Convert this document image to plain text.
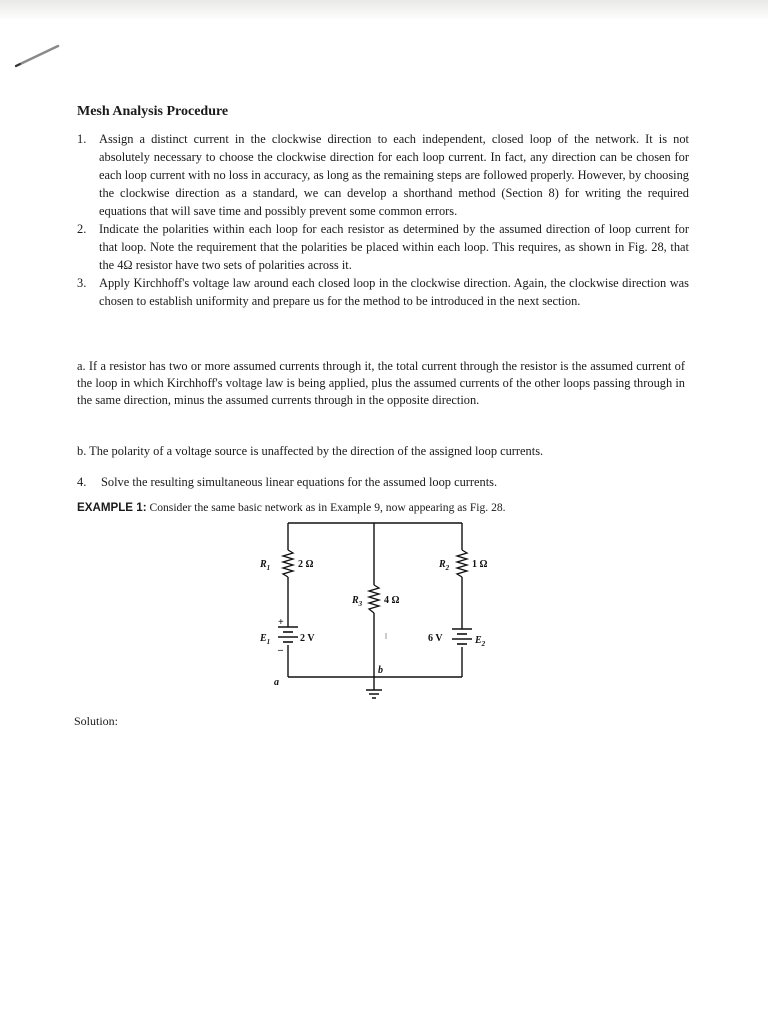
Mesh Analysis Procedure
1.	Assign a distinct current in the clockwise direction to each independent, closed loop of the network. It is not absolutely necessary to choose the clockwise direction for each loop current. In fact, any direction can be chosen for each loop current with no loss in accuracy, as long as the remaining steps are followed properly. However, by choosing the clockwise direction as a standard, we can develop a shorthand method (Section 8) for writing the required equations that will save time and possibly prevent some common errors.
2.	Indicate the polarities within each loop for each resistor as determined by the assumed direction of loop current for that loop. Note the requirement that the polarities be placed within each loop. This requires, as shown in Fig. 28, that the 4Ω resistor have two sets of polarities across it.
3.	Apply Kirchhoff's voltage law around each closed loop in the clockwise direction. Again, the clockwise direction was chosen to establish uniformity and prepare us for the method to be introduced in the next section.

a. If a resistor has two or more assumed currents through it, the total current through the resistor is the assumed current of the loop in which Kirchhoff's voltage law is being applied, plus the assumed currents of the other loops passing through in the same direction, minus the assumed currents through in the opposite direction.

b. The polarity of a voltage source is unaffected by the direction of the assigned loop currents.

4.	Solve the resulting simultaneous linear equations for the assumed loop currents.
EXAMPLE 1: Consider the same basic network as in Example 9, now appearing as Fig. 28.
$R_1$	2 Ω	$R_2$ 1 Ω
$R_3$ 4 Ω
+
–
$E_1$	2 V	6 V	$E_2$
a
b
Solution:
